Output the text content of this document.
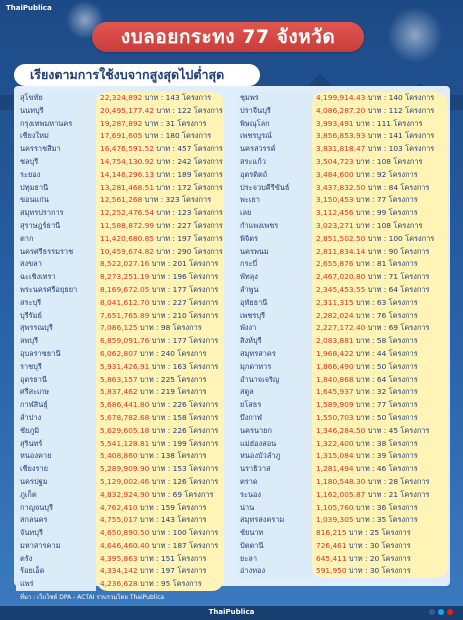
ThaiPublica
งบลอยกระทง 77 จังหวัด
เรียงตามการใช้งบจากสูงสุดไปต่ำสุด
สุโขทัย
นนทบุรี
กรุงเทพมหานคร
เชียงใหม่
นครราชสีมา
ชลบุรี
ระยอง
ปทุมธานี
ขอนแก่น
สมุทรปราการ
สุราษฎร์ธานี
ตาก
นครศรีธรรมราช
สงขลา
ฉะเชิงเทรา
พระนครศรีอยุธยา
สระบุรี
บุรีรัมย์
สุพรรณบุรี
ลพบุรี
อุบลราชธานี
ราชบุรี
อุดรธานี
ศรีสะเกษ
กาฬสินธุ์
ลำปาง
ชัยภูมิ
สุรินทร์
หนองคาย
เชียงราย
นครปฐม
ภูเก็ต
กาญจนบุรี
สกลนคร
จันทบุรี
มหาสารคาม
ตรัง
ร้อยเอ็ด
แพร่
22,324,892 บาท : 143 โครงการ
20,495,177.42 บาท : 122 โครงการ
19,287,892 บาท : 31 โครงการ
17,691,605 บาท : 180 โครงการ
16,476,591.52 บาท : 457 โครงการ
14,754,130.92 บาท : 242 โครงการ
14,146,296.13 บาท : 189 โครงการ
13,281,468.51 บาท : 172 โครงการ
12,561,268 บาท : 323 โครงการ
12,252,476.54 บาท : 123 โครงการ
11,588,872.99 บาท : 227 โครงการ
11,420,680.85 บาท : 197 โครงการ
10,459,674.82 บาท : 290 โครงการ
8,522,027.16 บาท : 201 โครงการ
8,273,251.19 บาท : 196 โครงการ
8,169,672.05 บาท : 177 โครงการ
8,041,612.70 บาท : 227 โครงการ
7,651,765.89 บาท : 210 โครงการ
7,086,125 บาท : 98 โครงการ
6,859,091.76 บาท : 177 โครงการ
6,062,807 บาท : 240 โครงการ
5,931,426.91 บาท : 163 โครงการ
5,863,157 บาท : 225 โครงการ
5,837,462 บาท : 219 โครงการ
5,686,441.80 บาท : 226 โครงการ
5,678,782.68 บาท : 158 โครงการ
5,629,605.18 บาท : 226 โครงการ
5,541,128.81 บาท : 199 โครงการ
5,408,860 บาท : 138 โครงการ
5,289,909.90 บาท : 153 โครงการ
5,129,002.46 บาท : 126 โครงการ
4,832,924.90 บาท : 69 โครงการ
4,762,410 บาท : 159 โครงการ
4,755,017 บาท : 143 โครงการ
4,650,890.50 บาท : 100 โครงการ
4,646,460.40 บาท : 187 โครงการ
4,395,863 บาท : 151 โครงการ
4,334,142 บาท : 197 โครงการ
4,236,628 บาท : 95 โครงการ
ชุมพร
ปราจีนบุรี
พิษณุโลก
เพชรบูรณ์
นครสวรรค์
สระแก้ว
อุตรดิตถ์
ประจวบคีรีขันธ์
พะเยา
เลย
กำแพงเพชร
พิจิตร
นครพนม
กระบี่
พัทลุง
ลำพูน
อุทัยธานี
เพชรบุรี
พังงา
สิงห์บุรี
สมุทรสาคร
มุกดาหาร
อำนาจเจริญ
สตูล
ยโสธร
บึงกาฬ
นครนายก
แม่ฮ่องสอน
หนองบัวลำภู
นราธิวาส
ตราด
ระนอง
น่าน
สมุทรสงคราม
ชัยนาท
ปัตตานี
ยะลา
อ่างทอง
4,199,914.43 บาท : 140 โครงการ
4,086,287.20 บาท : 112 โครงการ
3,993,491 บาท : 111 โครงการ
3,856,853.93 บาท : 141 โครงการ
3,831,818.47 บาท : 103 โครงการ
3,504,723 บาท : 108 โครงการ
3,484,600 บาท : 92 โครงการ
3,437,832.50 บาท : 84 โครงการ
3,150,453 บาท : 77 โครงการ
3,112,456 บาท : 99 โครงการ
3,023,271 บาท : 108 โครงการ
2,851,502.50 บาท : 100 โครงการ
2,811,834.14 บาท : 90 โครงการ
2,655,876 บาท : 81 โครงการ
2,467,020.80 บาท : 71 โครงการ
2,345,453.55 บาท : 64 โครงการ
2,311,315 บาท : 63 โครงการ
2,282,024 บาท : 76 โครงการ
2,227,172.40 บาท : 69 โครงการ
2,083,881 บาท : 58 โครงการ
1,968,422 บาท : 44 โครงการ
1,866,490 บาท : 50 โครงการ
1,840,868 บาท : 64 โครงการ
1,645,937 บาท : 32 โครงการ
1,589,909 บาท : 77 โครงการ
1,550,703 บาท : 50 โครงการ
1,346,284.50 บาท : 45 โครงการ
1,322,400 บาท : 38 โครงการ
1,315,084 บาท : 39 โครงการ
1,281,494 บาท : 46 โครงการ
1,180,548.30 บาท : 28 โครงการ
1,162,005.87 บาท : 21 โครงการ
1,105,760 บาท : 36 โครงการ
1,039,305 บาท : 35 โครงการ
816,215 บาท : 25 โครงการ
726,461 บาท : 30 โครงการ
645,411 บาท : 20 โครงการ
591,950 บาท : 30 โครงการ
ที่มา : เว็บไซต์ DPA - ACTAI รวบรวมโดย ThaiPublica
ThaiPublica
